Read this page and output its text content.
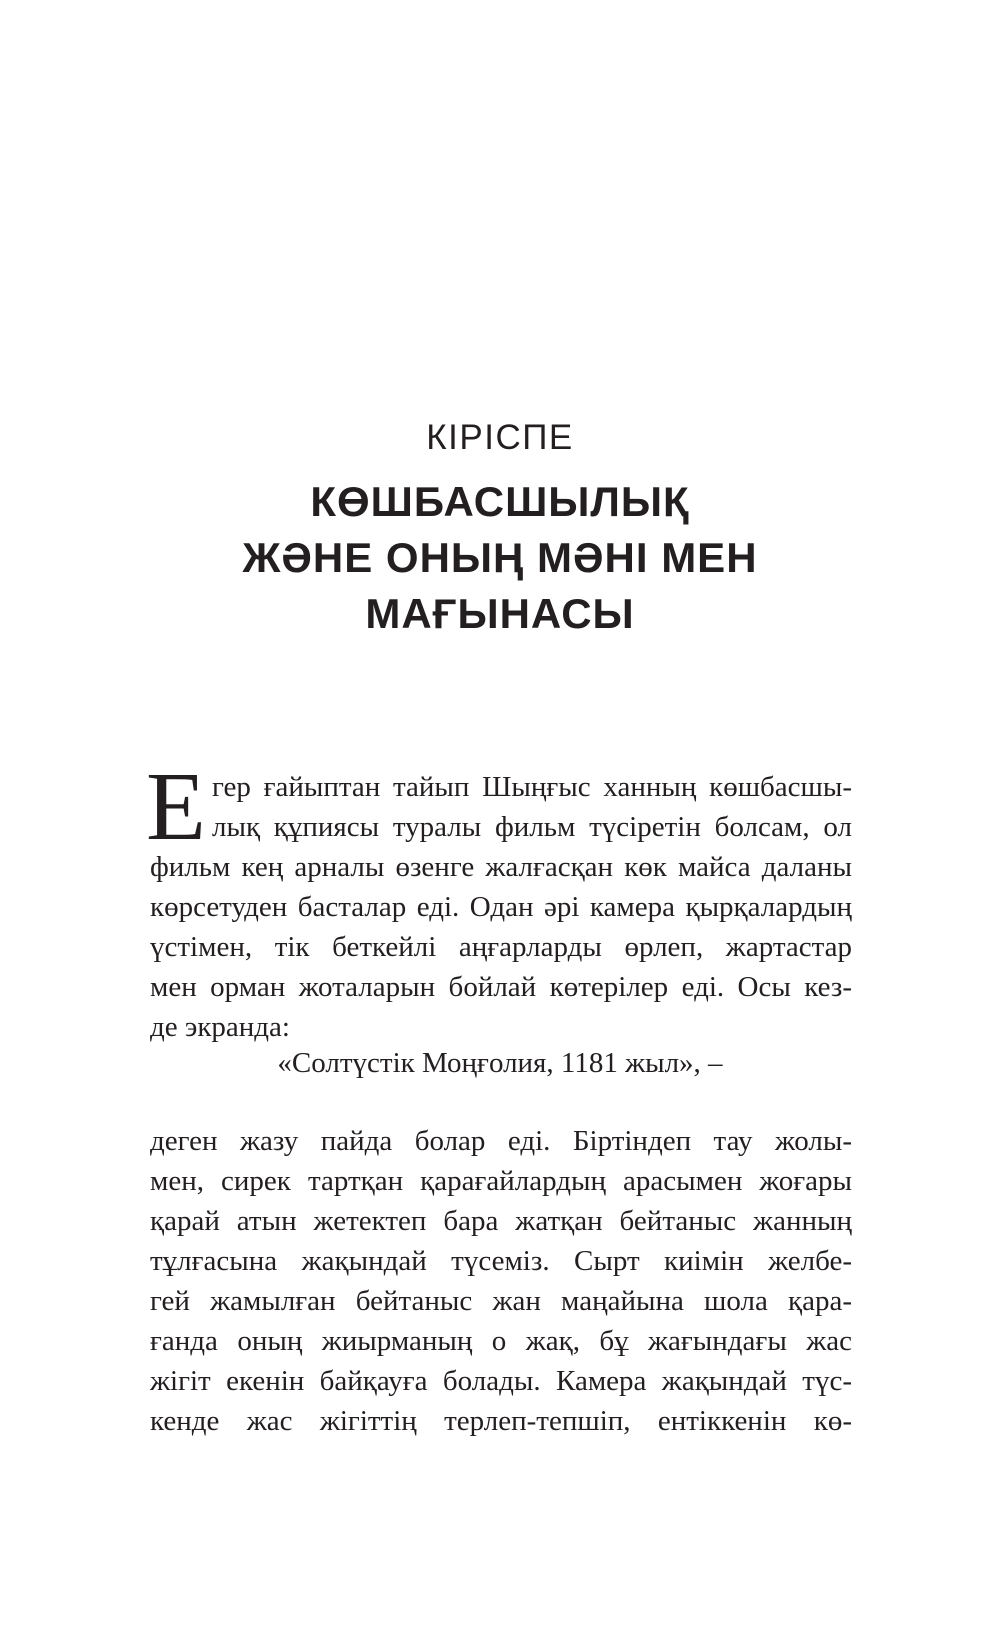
КІРІСПЕ
КӨШБАСШЫЛЫҚ
ЖӘНЕ ОНЫҢ МӘНІ МЕН
МАҒЫНАСЫ
Е гер ғайыптан тайып Шыңғыс ханның көшбасшы-
лық құпиясы туралы фильм түсіретін болсам, ол
фильм кең арналы өзенге жалғасқан көк майса даланы
көрсетуден басталар еді. Одан әрі камера қырқалардың
үстімен, тік беткейлі аңғарларды өрлеп, жартастар
мен орман жоталарын бойлай көтерілер еді. Осы кез-
де экранда:
«Солтүстік Моңғолия, 1181 жыл», –
деген жазу пайда болар еді. Біртіндеп тау жолы-
мен, сирек тартқан қарағайлардың арасымен жоғары
қарай атын жетектеп бара жатқан бейтаныс жанның
тұлғасына жақындай түсеміз. Сырт киімін желбе-
гей жамылған бейтаныс жан маңайына шола қара-
ғанда оның жиырманың о жақ, бұ жағындағы жас
жігіт екенін байқауға болады. Камера жақындай түс-
кенде жас жігіттің терлеп-тепшіп, ентіккенін кө-
